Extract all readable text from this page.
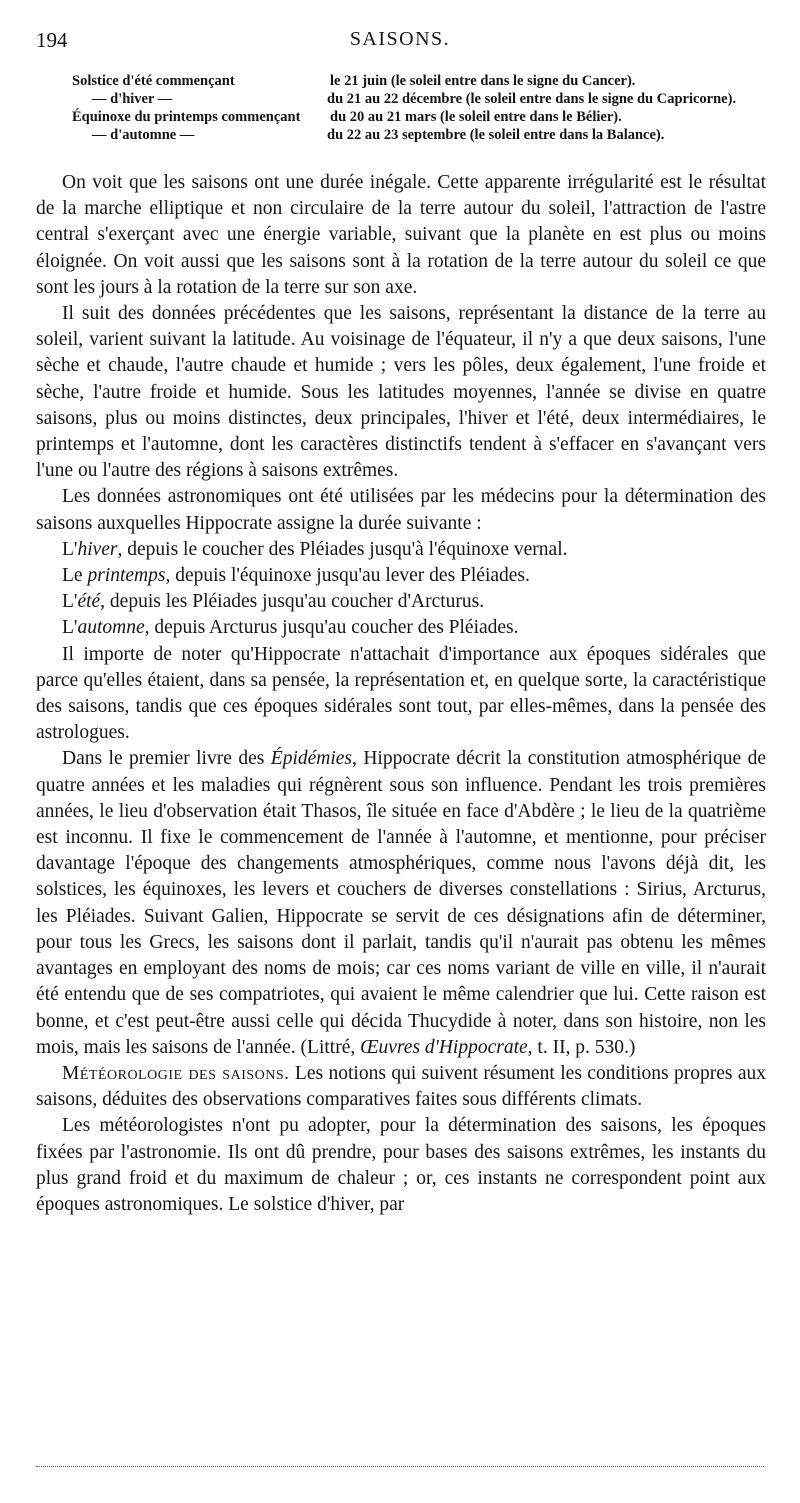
194	SAISONS.
Solstice d'été commençant	le 21 juin (le soleil entre dans le signe du Cancer).
— d'hiver —	du 21 au 22 décembre (le soleil entre dans le signe du Capricorne).
Équinoxe du printemps commençant du 20 au 21 mars (le soleil entre dans le Bélier).
— d'automne —	du 22 au 23 septembre (le soleil entre dans la Balance).

On voit que les saisons ont une durée inégale. Cette apparente irrégularité est le résultat de la marche elliptique et non circulaire de la terre autour du soleil, l'attraction de l'astre central s'exerçant avec une énergie variable, suivant que la planète en est plus ou moins éloignée. On voit aussi que les saisons sont à la rotation de la terre autour du soleil ce que sont les jours à la rotation de la terre sur son axe.

Il suit des données précédentes que les saisons, représentant la distance de la terre au soleil, varient suivant la latitude. Au voisinage de l'équateur, il n'y a que deux saisons, l'une sèche et chaude, l'autre chaude et humide ; vers les pôles, deux également, l'une froide et sèche, l'autre froide et humide. Sous les latitudes moyennes, l'année se divise en quatre saisons, plus ou moins distinctes, deux principales, l'hiver et l'été, deux intermédiaires, le printemps et l'automne, dont les caractères distinctifs tendent à s'effacer en s'avançant vers l'une ou l'autre des régions à saisons extrêmes.

Les données astronomiques ont été utilisées par les médecins pour la détermination des saisons auxquelles Hippocrate assigne la durée suivante :

L'hiver, depuis le coucher des Pléiades jusqu'à l'équinoxe vernal.

Le printemps, depuis l'équinoxe jusqu'au lever des Pléiades.

L'été, depuis les Pléiades jusqu'au coucher d'Arcturus.

L'automne, depuis Arcturus jusqu'au coucher des Pléiades.

Il importe de noter qu'Hippocrate n'attachait d'importance aux époques sidérales que parce qu'elles étaient, dans sa pensée, la représentation et, en quelque sorte, la caractéristique des saisons, tandis que ces époques sidérales sont tout, par elles-mêmes, dans la pensée des astrologues.

Dans le premier livre des Épidémies, Hippocrate décrit la constitution atmosphérique de quatre années et les maladies qui régnèrent sous son influence. Pendant les trois premières années, le lieu d'observation était Thasos, île située en face d'Abdère ; le lieu de la quatrième est inconnu. Il fixe le commencement de l'année à l'automne, et mentionne, pour préciser davantage l'époque des changements atmosphériques, comme nous l'avons déjà dit, les solstices, les équinoxes, les levers et couchers de diverses constellations : Sirius, Arcturus, les Pléiades. Suivant Galien, Hippocrate se servit de ces désignations afin de déterminer, pour tous les Grecs, les saisons dont il parlait, tandis qu'il n'aurait pas obtenu les mêmes avantages en employant des noms de mois; car ces noms variant de ville en ville, il n'aurait été entendu que de ses compatriotes, qui avaient le même calendrier que lui. Cette raison est bonne, et c'est peut-être aussi celle qui décida Thucydide à noter, dans son histoire, non les mois, mais les saisons de l'année. (Littré, Œuvres d'Hippocrate, t. II, p. 530.)

Météorologie des saisons. Les notions qui suivent résument les conditions propres aux saisons, déduites des observations comparatives faites sous différents climats.

Les météorologistes n'ont pu adopter, pour la détermination des saisons, les époques fixées par l'astronomie. Ils ont dû prendre, pour bases des saisons extrêmes, les instants du plus grand froid et du maximum de chaleur ; or, ces instants ne correspondent point aux époques astronomiques. Le solstice d'hiver, par
